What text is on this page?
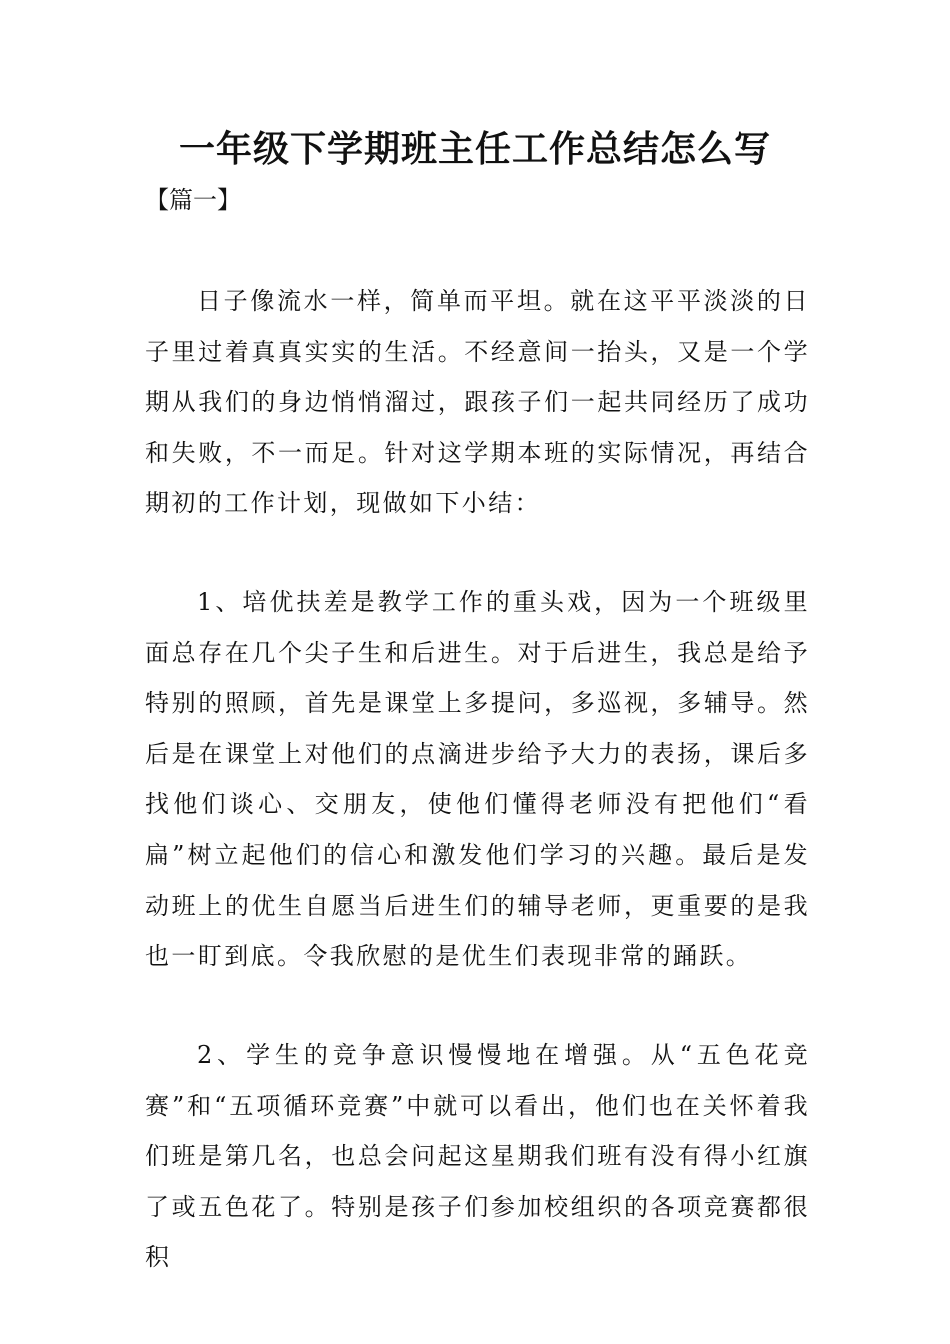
一年级下学期班主任工作总结怎么写

【篇一】

日子像流水一样，简单而平坦。就在这平平淡淡的日子里过着真真实实的生活。不经意间一抬头，又是一个学期从我们的身边悄悄溜过，跟孩子们一起共同经历了成功和失败，不一而足。针对这学期本班的实际情况，再结合期初的工作计划，现做如下小结：

1、培优扶差是教学工作的重头戏，因为一个班级里面总存在几个尖子生和后进生。对于后进生，我总是给予特别的照顾，首先是课堂上多提问，多巡视，多辅导。然后是在课堂上对他们的点滴进步给予大力的表扬，课后多找他们谈心、交朋友，使他们懂得老师没有把他们“看扁”树立起他们的信心和激发他们学习的兴趣。最后是发动班上的优生自愿当后进生们的辅导老师，更重要的是我也一盯到底。令我欣慰的是优生们表现非常的踊跃。

2、学生的竞争意识慢慢地在增强。从“五色花竞赛”和“五项循环竞赛”中就可以看出，他们也在关怀着我们班是第几名，也总会问起这星期我们班有没有得小红旗了或五色花了。特别是孩子们参加校组织的各项竞赛都很积
